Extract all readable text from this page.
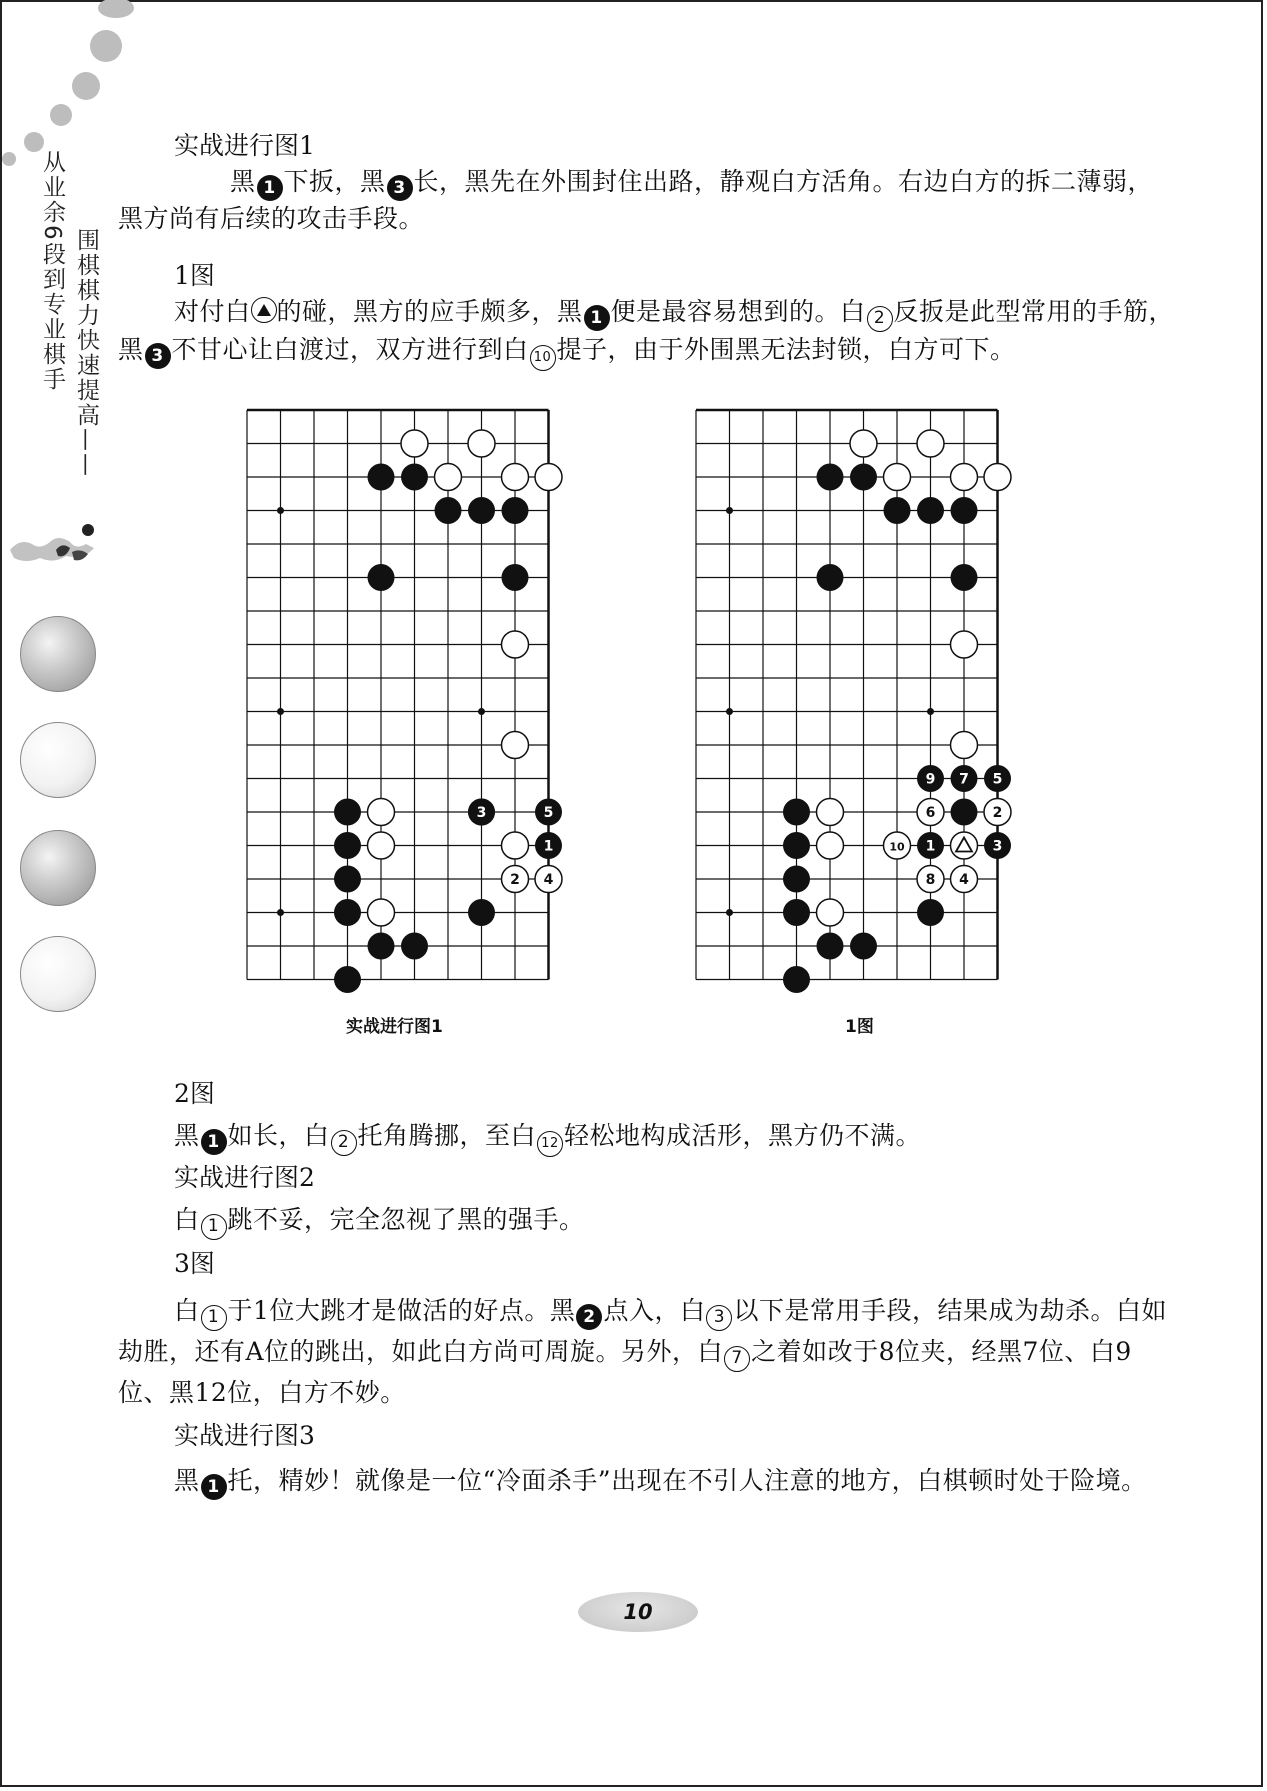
从业余6段到专业棋手 围棋棋力快速提高——
实战进行图1
黑 1 下扳，黑 3 长，黑先在外围封住出路，静观白方活角。右边白方的拆二薄弱，黑方尚有后续的攻击手段。
1图
对付白 的碰，黑方的应手颇多，黑 1 便是最容易想到的。白 2 反扳是此型常用的手筋，黑 3 不甘心让白渡过，双方进行到白 10 提子，由于外围黑无法封锁，白方可下。
3	5
1
2 4
9 7 5
6	2
10 1	3
8 4
实战进行图1	1图
2图
黑 1 如长，白 2 托角腾挪，至白 12 轻松地构成活形，黑方仍不满。
实战进行图2
白 1 跳不妥，完全忽视了黑的强手。
3图
白 1 于1位大跳才是做活的好点。黑 2 点入，白 3 以下是常用手段，结果成为劫杀。白如劫胜，还有A位的跳出，如此白方尚可周旋。另外，白 7 之着如改于8位夹，经黑7位、白9位、黑12位，白方不妙。
实战进行图3
黑 1 托，精妙！就像是一位“冷面杀手”出现在不引人注意的地方，白棋顿时处于险境。
10
